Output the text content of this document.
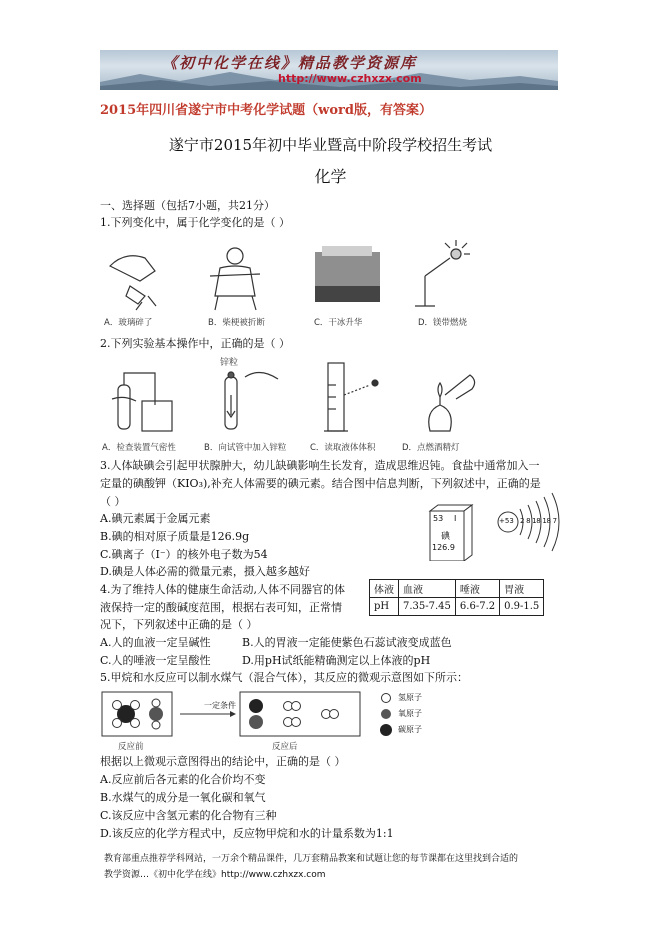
《初中化学在线》精品教学资源库
http://www.czhxzx.com
2015年四川省遂宁市中考化学试题（word版，有答案）
遂宁市2015年初中毕业暨高中阶段学校招生考试
化学
一、选择题（包括7小题，共21分）
1.下列变化中，属于化学变化的是（ ）
A．玻璃碎了	B．柴梗被折断	C．干冰升华	D．镁带燃烧
2.下列实验基本操作中，正确的是（ ）
锌粒
A．检查装置气密性	B．向试管中加入锌粒	C．读取液体体积	D．点燃酒精灯
3.人体缺碘会引起甲状腺肿大，幼儿缺碘影响生长发育，造成思维迟钝。食盐中通常加入一
定量的碘酸钾（KIO₃),补充人体需要的碘元素。结合图中信息判断，下列叙述中，正确的是
（ ）
A.碘元素属于金属元素
B.碘的相对原子质量是126.9g
C.碘离子（I⁻）的核外电子数为54
D.碘是人体必需的微量元素，摄入越多越好
53 I
碘
126.9
+53 2 8 18 18 7
4.为了维持人体的健康生命活动,人体不同器官的体
液保持一定的酸碱度范围，根据右表可知，正常情
况下，下列叙述中正确的是（ ）
体液	血液	唾液	胃液
pH	7.35-7.45	6.6-7.2	0.9-1.5
A.人的血液一定呈碱性	B.人的胃液一定能使紫色石蕊试液变成蓝色
C.人的唾液一定呈酸性	D.用pH试纸能精确测定以上体液的pH
5.甲烷和水反应可以制水煤气（混合气体），其反应的微观示意图如下所示：
一定条件
反应前	反应后
氢原子
氧原子
碳原子
根据以上微观示意图得出的结论中，正确的是（ ）
A.反应前后各元素的化合价均不变
B.水煤气的成分是一氧化碳和氧气
C.该反应中含氢元素的化合物有三种
D.该反应的化学方程式中，反应物甲烷和水的计量系数为1:1
教育部重点推荐学科网站，一万余个精品课件，几万套精品教案和试题让您的每节课都在这里找到合适的
教学资源…《初中化学在线》http://www.czhxzx.com
